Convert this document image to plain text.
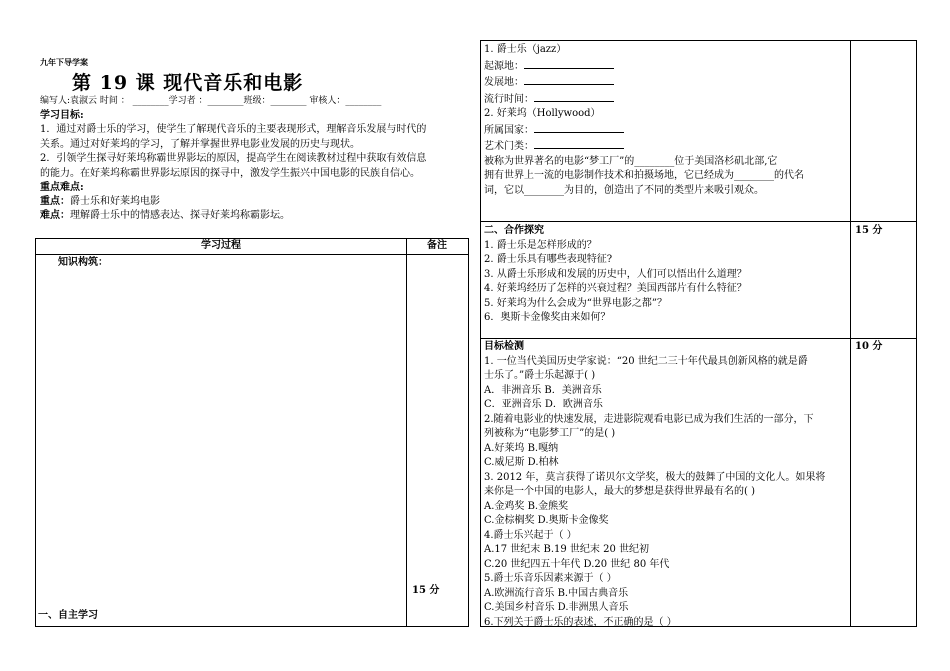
九年下导学案
第 19 课 现代音乐和电影
编写人:袁淑云 时间 ： ________学习者 ：________班级：________ 审核人：________
学习目标:
1．通过对爵士乐的学习，使学生了解现代音乐的主要表现形式，理解音乐发展与时代的
关系。通过对好莱坞的学习，了解并掌握世界电影业发展的历史与现状。
2．引领学生探寻好莱坞称霸世界影坛的原因，提高学生在阅读教材过程中获取有效信息
的能力。在好莱坞称霸世界影坛原因的探寻中，激发学生振兴中国电影的民族自信心。
重点难点:
重点：爵士乐和好莱坞电影
难点：理解爵士乐中的情感表达、探寻好莱坞称霸影坛。
学习过程	备注
知识构筑：
15 分
一、自主学习
1. 爵士乐（jazz）
起源地：
发展地：
流行时间：
2. 好莱坞（Hollywood）
所属国家：
艺术门类：
被称为世界著名的电影“梦工厂”的________位于美国洛杉矶北部,它
拥有世界上一流的电影制作技术和拍摄场地，它已经成为________的代名
词，它以________为目的，创造出了不同的类型片来吸引观众。
二、合作探究
1. 爵士乐是怎样形成的？
2. 爵士乐具有哪些表现特征?
3. 从爵士乐形成和发展的历史中，人们可以悟出什么道理？
4. 好莱坞经历了怎样的兴衰过程？美国西部片有什么特征？
5. 好莱坞为什么会成为“世界电影之都”？
6．奥斯卡金像奖由来如何？
15 分
目标检测
1. 一位当代美国历史学家说：“20 世纪二三十年代最具创新风格的就是爵
士乐了。”爵士乐起源于( )
A．非洲音乐 B．美洲音乐
C．亚洲音乐 D．欧洲音乐
2.随着电影业的快速发展，走进影院观看电影已成为我们生活的一部分，下
列被称为“电影梦工厂”的是( )
A.好莱坞 B.嘎纳
C.威尼斯 D.柏林
3. 2012 年，莫言获得了诺贝尔文学奖，极大的鼓舞了中国的文化人。如果将
来你是一个中国的电影人，最大的梦想是获得世界最有名的( )
A.金鸡奖 B.金熊奖
C.金棕榈奖 D.奥斯卡金像奖
4.爵士乐兴起于（ ）
A.17 世纪末 B.19 世纪末 20 世纪初
C.20 世纪四五十年代 D.20 世纪 80 年代
5.爵士乐音乐因素来源于（ ）
A.欧洲流行音乐 B.中国古典音乐
C.美国乡村音乐 D.非洲黑人音乐
6.下列关于爵士乐的表述，不正确的是（ ）
10 分
